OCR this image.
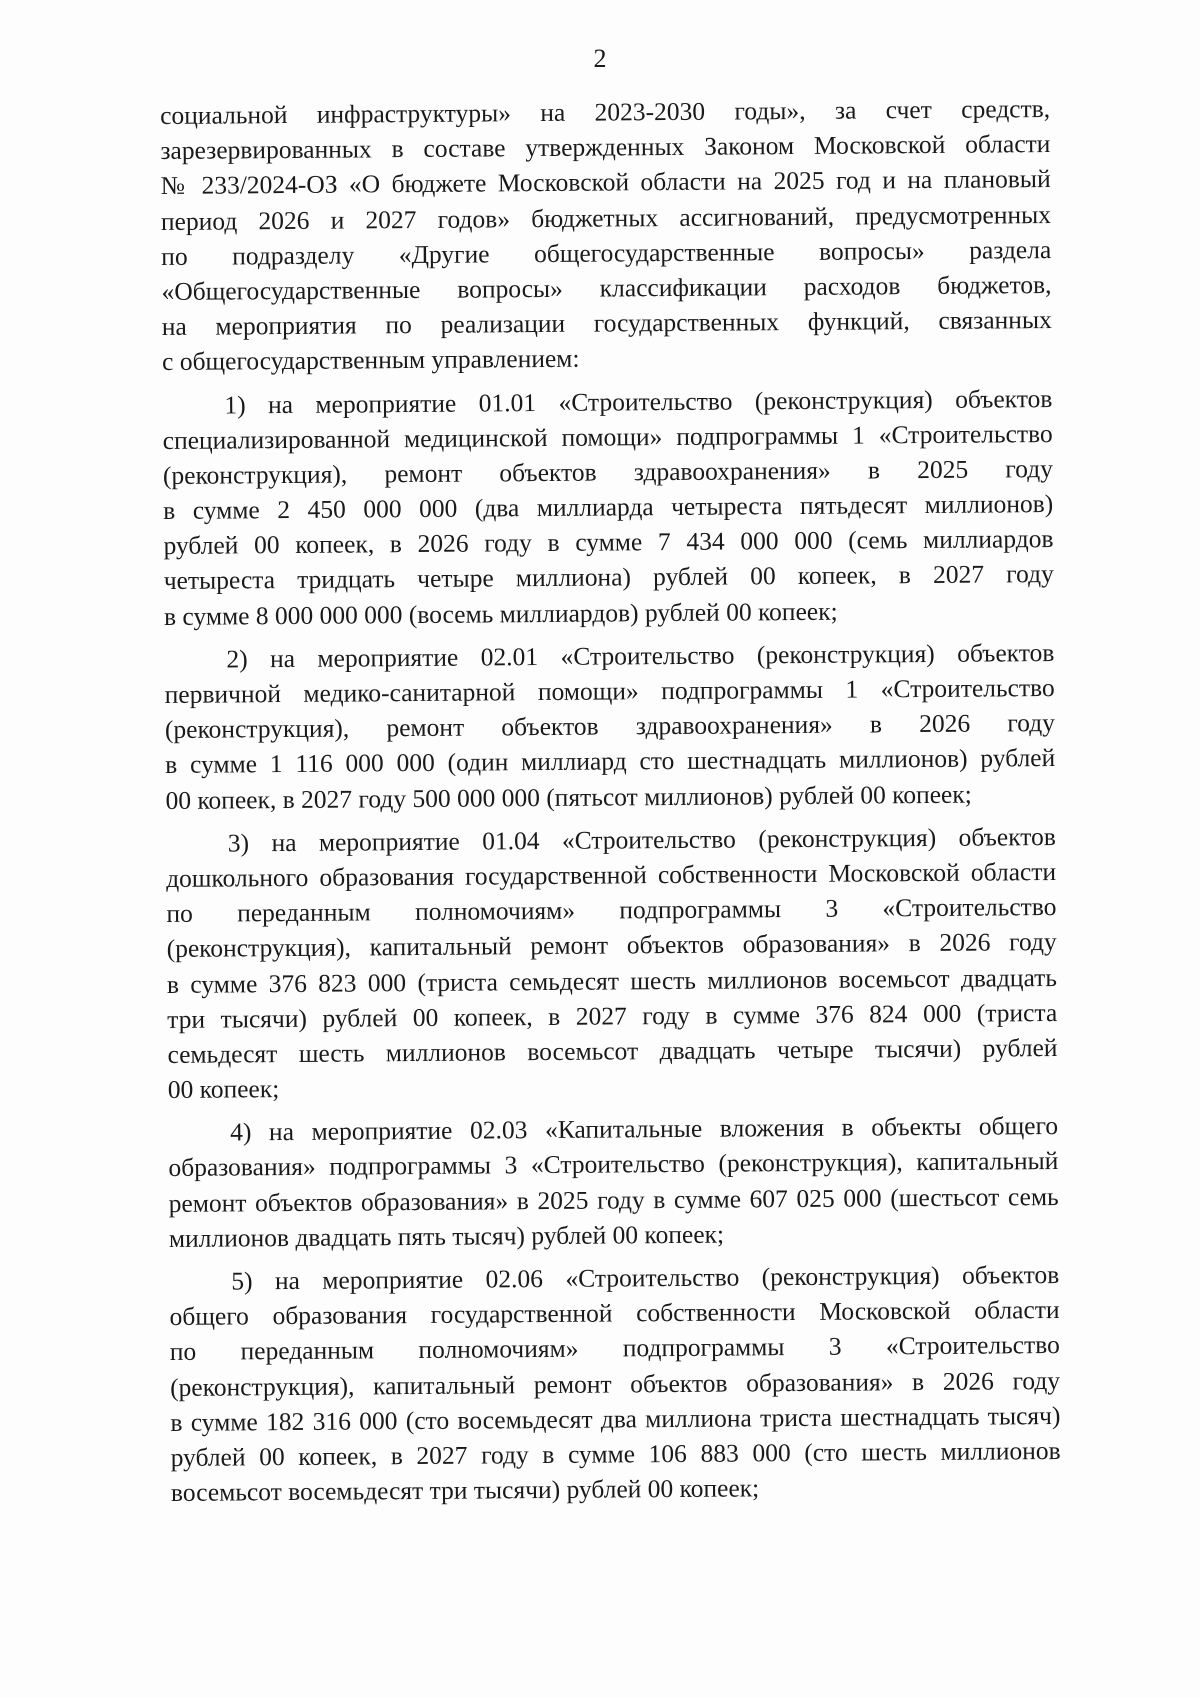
2
социальной инфраструктуры» на 2023-2030 годы», за счет средств,
зарезервированных в составе утвержденных Законом Московской области
№ 233/2024-ОЗ «О бюджете Московской области на 2025 год и на плановый
период 2026 и 2027 годов» бюджетных ассигнований, предусмотренных
по подразделу «Другие общегосударственные вопросы» раздела
«Общегосударственные вопросы» классификации расходов бюджетов,
на мероприятия по реализации государственных функций, связанных
с общегосударственным управлением:
1) на мероприятие 01.01 «Строительство (реконструкция) объектов
специализированной медицинской помощи» подпрограммы 1 «Строительство
(реконструкция), ремонт объектов здравоохранения» в 2025 году
в сумме 2 450 000 000 (два миллиарда четыреста пятьдесят миллионов)
рублей 00 копеек, в 2026 году в сумме 7 434 000 000 (семь миллиардов
четыреста тридцать четыре миллиона) рублей 00 копеек, в 2027 году
в сумме 8 000 000 000 (восемь миллиардов) рублей 00 копеек;
2) на мероприятие 02.01 «Строительство (реконструкция) объектов
первичной медико-санитарной помощи» подпрограммы 1 «Строительство
(реконструкция), ремонт объектов здравоохранения» в 2026 году
в сумме 1 116 000 000 (один миллиард сто шестнадцать миллионов) рублей
00 копеек, в 2027 году 500 000 000 (пятьсот миллионов) рублей 00 копеек;
3) на мероприятие 01.04 «Строительство (реконструкция) объектов
дошкольного образования государственной собственности Московской области
по переданным полномочиям» подпрограммы 3 «Строительство
(реконструкция), капитальный ремонт объектов образования» в 2026 году
в сумме 376 823 000 (триста семьдесят шесть миллионов восемьсот двадцать
три тысячи) рублей 00 копеек, в 2027 году в сумме 376 824 000 (триста
семьдесят шесть миллионов восемьсот двадцать четыре тысячи) рублей
00 копеек;
4) на мероприятие 02.03 «Капитальные вложения в объекты общего
образования» подпрограммы 3 «Строительство (реконструкция), капитальный
ремонт объектов образования» в 2025 году в сумме 607 025 000 (шестьсот семь
миллионов двадцать пять тысяч) рублей 00 копеек;
5) на мероприятие 02.06 «Строительство (реконструкция) объектов
общего образования государственной собственности Московской области
по переданным полномочиям» подпрограммы 3 «Строительство
(реконструкция), капитальный ремонт объектов образования» в 2026 году
в сумме 182 316 000 (сто восемьдесят два миллиона триста шестнадцать тысяч)
рублей 00 копеек, в 2027 году в сумме 106 883 000 (сто шесть миллионов
восемьсот восемьдесят три тысячи) рублей 00 копеек;
